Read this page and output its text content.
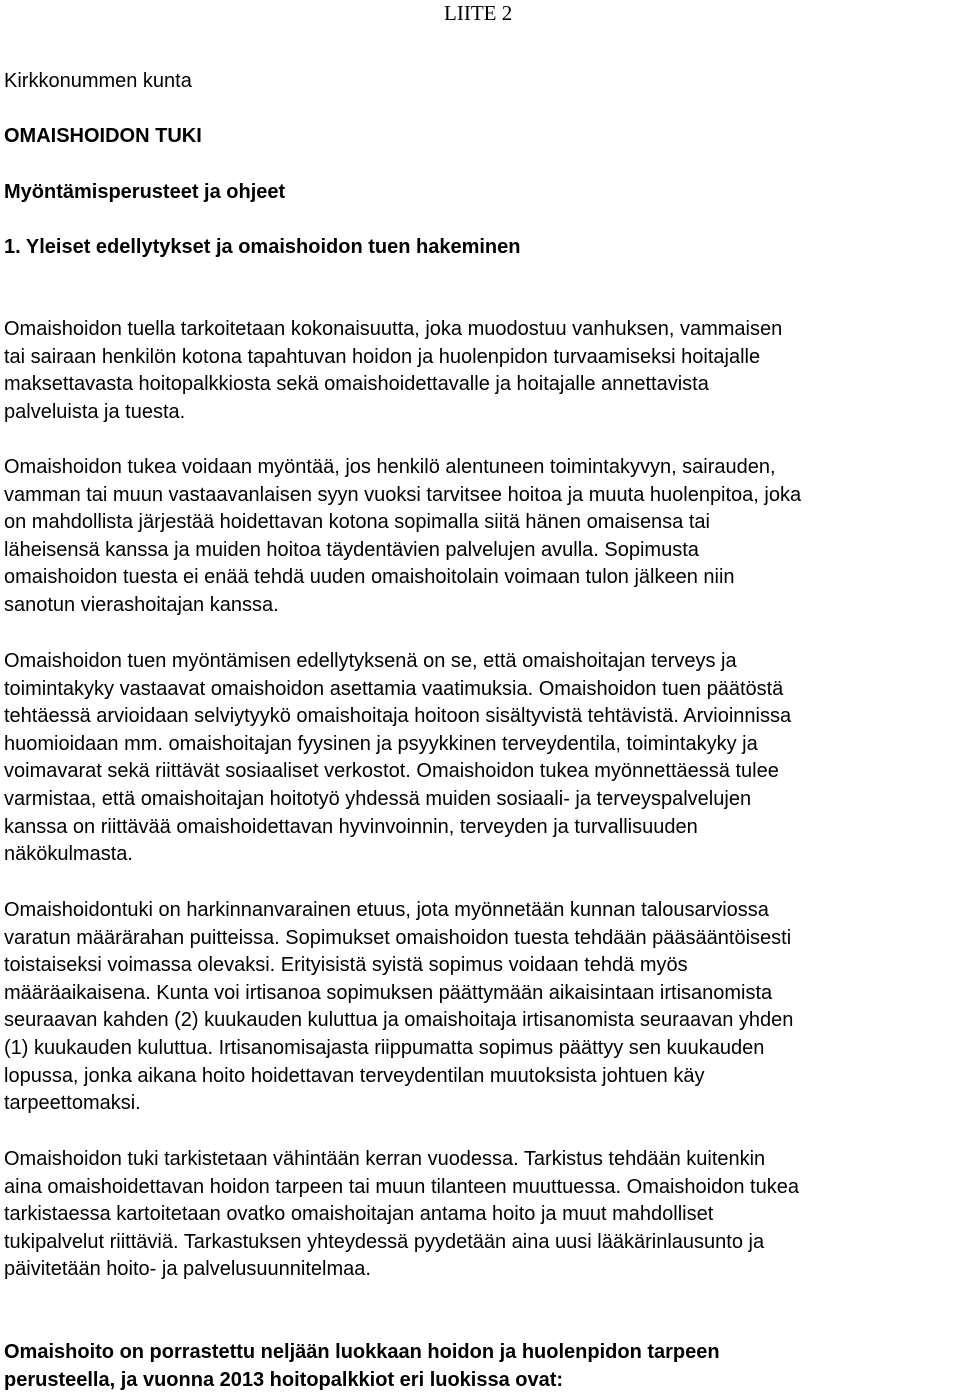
LIITE 2
Kirkkonummen kunta
OMAISHOIDON TUKI
Myöntämisperusteet ja ohjeet
1. Yleiset edellytykset ja omaishoidon tuen hakeminen
Omaishoidon tuella tarkoitetaan kokonaisuutta, joka muodostuu vanhuksen, vammaisen
tai sairaan henkilön kotona tapahtuvan hoidon ja huolenpidon turvaamiseksi hoitajalle
maksettavasta hoitopalkkiosta sekä omaishoidettavalle ja hoitajalle annettavista
palveluista ja tuesta.
Omaishoidon tukea voidaan myöntää, jos henkilö alentuneen toimintakyvyn, sairauden,
vamman tai muun vastaavanlaisen syyn vuoksi tarvitsee hoitoa ja muuta huolenpitoa, joka
on mahdollista järjestää hoidettavan kotona sopimalla siitä hänen omaisensa tai
läheisensä kanssa ja muiden hoitoa täydentävien palvelujen avulla. Sopimusta
omaishoidon tuesta ei enää tehdä uuden omaishoitolain voimaan tulon jälkeen niin
sanotun vierashoitajan kanssa.
Omaishoidon tuen myöntämisen edellytyksenä on se, että omaishoitajan terveys ja
toimintakyky vastaavat omaishoidon asettamia vaatimuksia. Omaishoidon tuen päätöstä
tehtäessä arvioidaan selviytyykö omaishoitaja hoitoon sisältyvistä tehtävistä. Arvioinnissa
huomioidaan mm. omaishoitajan fyysinen ja psyykkinen terveydentila, toimintakyky ja
voimavarat sekä riittävät sosiaaliset verkostot. Omaishoidon tukea myönnettäessä tulee
varmistaa, että omaishoitajan hoitotyö yhdessä muiden sosiaali- ja terveyspalvelujen
kanssa on riittävää omaishoidettavan hyvinvoinnin, terveyden ja turvallisuuden
näkökulmasta.
Omaishoidontuki on harkinnanvarainen etuus, jota myönnetään kunnan talousarviossa
varatun määrärahan puitteissa. Sopimukset omaishoidon tuesta tehdään pääsääntöisesti
toistaiseksi voimassa olevaksi. Erityisistä syistä sopimus voidaan tehdä myös
määräaikaisena. Kunta voi irtisanoa sopimuksen päättymään aikaisintaan irtisanomista
seuraavan kahden (2) kuukauden kuluttua ja omaishoitaja irtisanomista seuraavan yhden
(1) kuukauden kuluttua. Irtisanomisajasta riippumatta sopimus päättyy sen kuukauden
lopussa, jonka aikana hoito hoidettavan terveydentilan muutoksista johtuen käy
tarpeettomaksi.
Omaishoidon tuki tarkistetaan vähintään kerran vuodessa. Tarkistus tehdään kuitenkin
aina omaishoidettavan hoidon tarpeen tai muun tilanteen muuttuessa. Omaishoidon tukea
tarkistaessa kartoitetaan ovatko omaishoitajan antama hoito ja muut mahdolliset
tukipalvelut riittäviä. Tarkastuksen yhteydessä pyydetään aina uusi lääkärinlausunto ja
päivitetään hoito- ja palvelusuunnitelmaa.
Omaishoito on porrastettu neljään luokkaan hoidon ja huolenpidon tarpeen
perusteella, ja vuonna 2013 hoitopalkkiot eri luokissa ovat:
